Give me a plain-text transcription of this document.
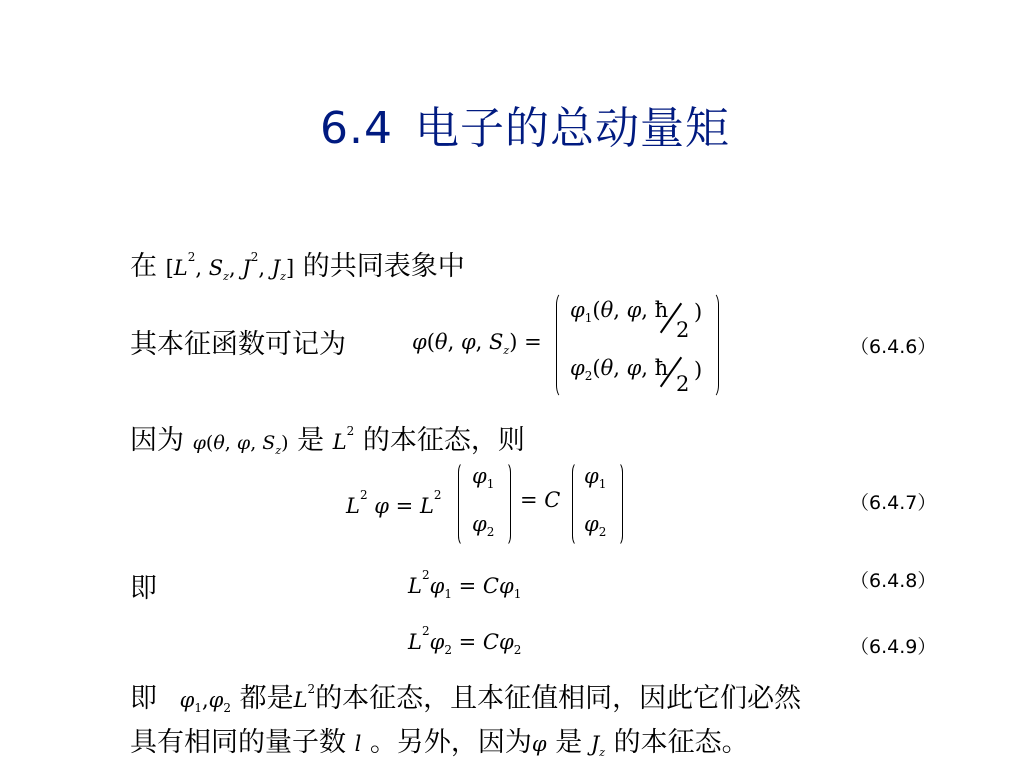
6.4 电子的总动量矩
在 [$L^2$, $S_z$, $J^2$, $J_z$] 的共同表象中
其本征函数可记为	φ(θ, φ, $S_z$) =
$\varphi_1(\theta$, φ, ħ
2
)
$\varphi_2(\theta$, φ, ħ
2
)
（6.4.6）
因为 φ(θ, φ, $S_z$) 是 $L^2$ 的本征态，则
$L^2$ $\varphi = L^2$
$\varphi_1$
$\varphi_2$
= C
$\varphi_1$
$\varphi_2$
（6.4.7）
即	$L^2\varphi_1 = C\varphi_1$
（6.4.8）
$L^2\varphi_2 = C\varphi_2$	（6.4.9）
即 $\varphi_1,\varphi_2$ 都是$L^2$的本征态，且本征值相同，因此它们必然
具有相同的量子数 l 。另外，因为φ 是 $J_z$ 的本征态。
